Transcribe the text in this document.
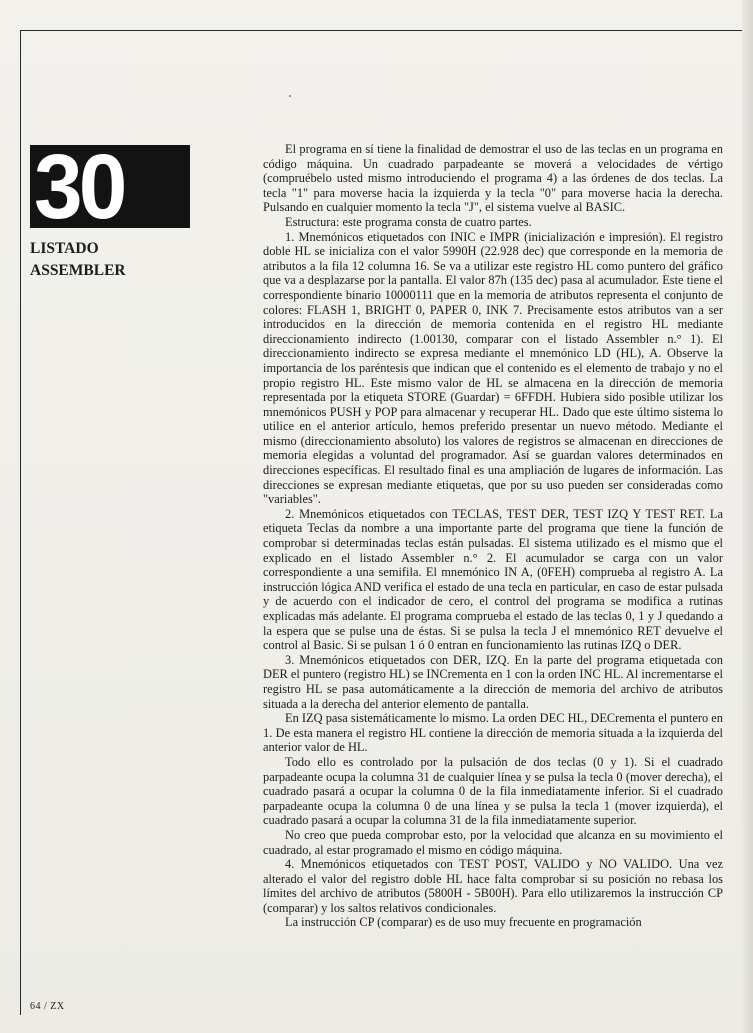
30
LISTADO
ASSEMBLER

El programa en sí tiene la finalidad de demostrar el uso de las teclas en un programa en código máquina. Un cuadrado parpadeante se moverá a velocidades de vértigo (compruébelo usted mismo introduciendo el programa 4) a las órdenes de dos teclas. La tecla "1" para moverse hacia la izquierda y la tecla "0" para moverse hacia la derecha. Pulsando en cualquier momento la tecla "J", el sistema vuelve al BASIC.

Estructura: este programa consta de cuatro partes.

1. Mnemónicos etiquetados con INIC e IMPR (inicialización e impresión). El registro doble HL se inicializa con el valor 5990H (22.928 dec) que corresponde en la memoria de atributos a la fila 12 columna 16. Se va a utilizar este registro HL como puntero del gráfico que va a desplazarse por la pantalla. El valor 87h (135 dec) pasa al acumulador. Este tiene el correspondiente binario 10000111 que en la memoria de atributos representa el conjunto de colores: FLASH 1, BRIGHT 0, PAPER 0, INK 7. Precisamente estos atributos van a ser introducidos en la dirección de memoria contenida en el registro HL mediante direccionamiento indirecto (1.00130, comparar con el listado Assembler n.° 1). El direccionamiento indirecto se expresa mediante el mnemónico LD (HL), A. Observe la importancia de los paréntesis que indican que el contenido es el elemento de trabajo y no el propio registro HL. Este mismo valor de HL se almacena en la dirección de memoria representada por la etiqueta STORE (Guardar) = 6FFDH. Hubiera sido posible utilizar los mnemónicos PUSH y POP para almacenar y recuperar HL. Dado que este último sistema lo utilice en el anterior artículo, hemos preferido presentar un nuevo método. Mediante el mismo (direccionamiento absoluto) los valores de registros se almacenan en direcciones de memoria elegidas a voluntad del programador. Así se guardan valores determinados en direcciones específicas. El resultado final es una ampliación de lugares de información. Las direcciones se expresan mediante etiquetas, que por su uso pueden ser consideradas como "variables".

2. Mnemónicos etiquetados con TECLAS, TEST DER, TEST IZQ Y TEST RET. La etiqueta Teclas da nombre a una importante parte del programa que tiene la función de comprobar si determinadas teclas están pulsadas. El sistema utilizado es el mismo que el explicado en el listado Assembler n.° 2. El acumulador se carga con un valor correspondiente a una semifila. El mnemónico IN A, (0FEH) comprueba al registro A. La instrucción lógica AND verifica el estado de una tecla en particular, en caso de estar pulsada y de acuerdo con el indicador de cero, el control del programa se modifica a rutinas explicadas más adelante. El programa comprueba el estado de las teclas 0, 1 y J quedando a la espera que se pulse una de éstas. Si se pulsa la tecla J el mnemónico RET devuelve el control al Basic. Si se pulsan 1 ó 0 entran en funcionamiento las rutinas IZQ o DER.

3. Mnemónicos etiquetados con DER, IZQ. En la parte del programa etiquetada con DER el puntero (registro HL) se INCrementa en 1 con la orden INC HL. Al incrementarse el registro HL se pasa automáticamente a la dirección de memoria del archivo de atributos situada a la derecha del anterior elemento de pantalla.

En IZQ pasa sistemáticamente lo mismo. La orden DEC HL, DECrementa el puntero en 1. De esta manera el registro HL contiene la dirección de memoria situada a la izquierda del anterior valor de HL.

Todo ello es controlado por la pulsación de dos teclas (0 y 1). Si el cuadrado parpadeante ocupa la columna 31 de cualquier línea y se pulsa la tecla 0 (mover derecha), el cuadrado pasará a ocupar la columna 0 de la fila inmediatamente inferior. Si el cuadrado parpadeante ocupa la columna 0 de una línea y se pulsa la tecla 1 (mover izquierda), el cuadrado pasará a ocupar la columna 31 de la fila inmediatamente superior.

No creo que pueda comprobar esto, por la velocidad que alcanza en su movimiento el cuadrado, al estar programado el mismo en código máquina.

4. Mnemónicos etiquetados con TEST POST, VALIDO y NO VALIDO. Una vez alterado el valor del registro doble HL hace falta comprobar si su posición no rebasa los límites del archivo de atributos (5800H - 5B00H). Para ello utilizaremos la instrucción CP (comparar) y los saltos relativos condicionales.

La instrucción CP (comparar) es de uso muy frecuente en programación

64 / ZX
